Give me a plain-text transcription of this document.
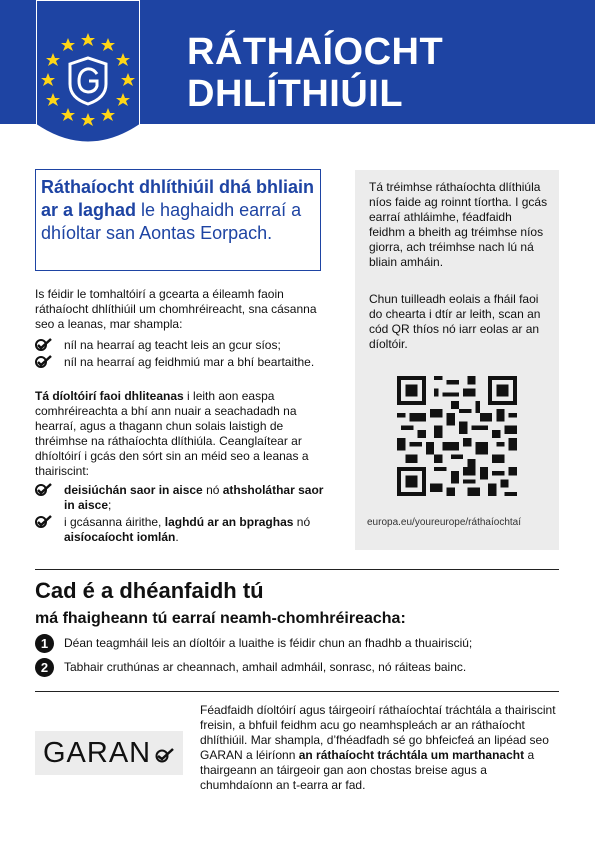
RÁTHAÍOCHT
DHLÍTHIÚIL
Ráthaíocht dhlíthiúil dhá bhliain ar a laghad le haghaidh earraí a dhíoltar san Aontas Eorpach.
Is féidir le tomhaltóirí a gcearta a éileamh faoin ráthaíocht dhlíthiúil um chomhréireacht, sna cásanna seo a leanas, mar shampla:
níl na hearraí ag teacht leis an gcur síos;
níl na hearraí ag feidhmiú mar a bhí beartaithe.
Tá díoltóirí faoi dhliteanas i leith aon easpa comhréireachta a bhí ann nuair a seachadadh na hearraí, agus a thagann chun solais laistigh de thréimhse na ráthaíochta dlíthiúla. Ceanglaítear ar dhíoltóirí i gcás den sórt sin an méid seo a leanas a thairiscint:
deisiúchán saor in aisce nó athsholáthar saor in aisce;
i gcásanna áirithe, laghdú ar an bpraghas nó aisíocaíocht iomlán.

Tá tréimhse ráthaíochta dlíthiúla níos faide ag roinnt tíortha. I gcás earraí athláimhe, féadfaidh feidhm a bheith ag tréimhse níos giorra, ach tréimhse nach lú ná bliain amháin.

Chun tuilleadh eolais a fháil faoi do chearta i dtír ar leith, scan an cód QR thíos nó iarr eolas ar an díoltóir.

europa.eu/youreurope/ráthaíochtaí

Cad é a dhéanfaidh tú
má fhaigheann tú earraí neamh-chomhréireacha:
1	Déan teagmháil leis an díoltóir a luaithe is féidir chun an fhadhb a thuairisciú;
2	Tabhair cruthúnas ar cheannach, amhail admháil, sonrasc, nó ráiteas bainc.
GARAN
Féadfaidh díoltóirí agus táirgeoirí ráthaíochtaí tráchtála a thairiscint freisin, a bhfuil feidhm acu go neamhspleách ar an ráthaíocht dhlíthiúil. Mar shampla, d’fhéadfadh sé go bhfeicfeá an lipéad seo GARAN a léiríonn an ráthaíocht tráchtála um marthanacht a thairgeann an táirgeoir gan aon chostas breise agus a chumhdaíonn an t-earra ar fad.
